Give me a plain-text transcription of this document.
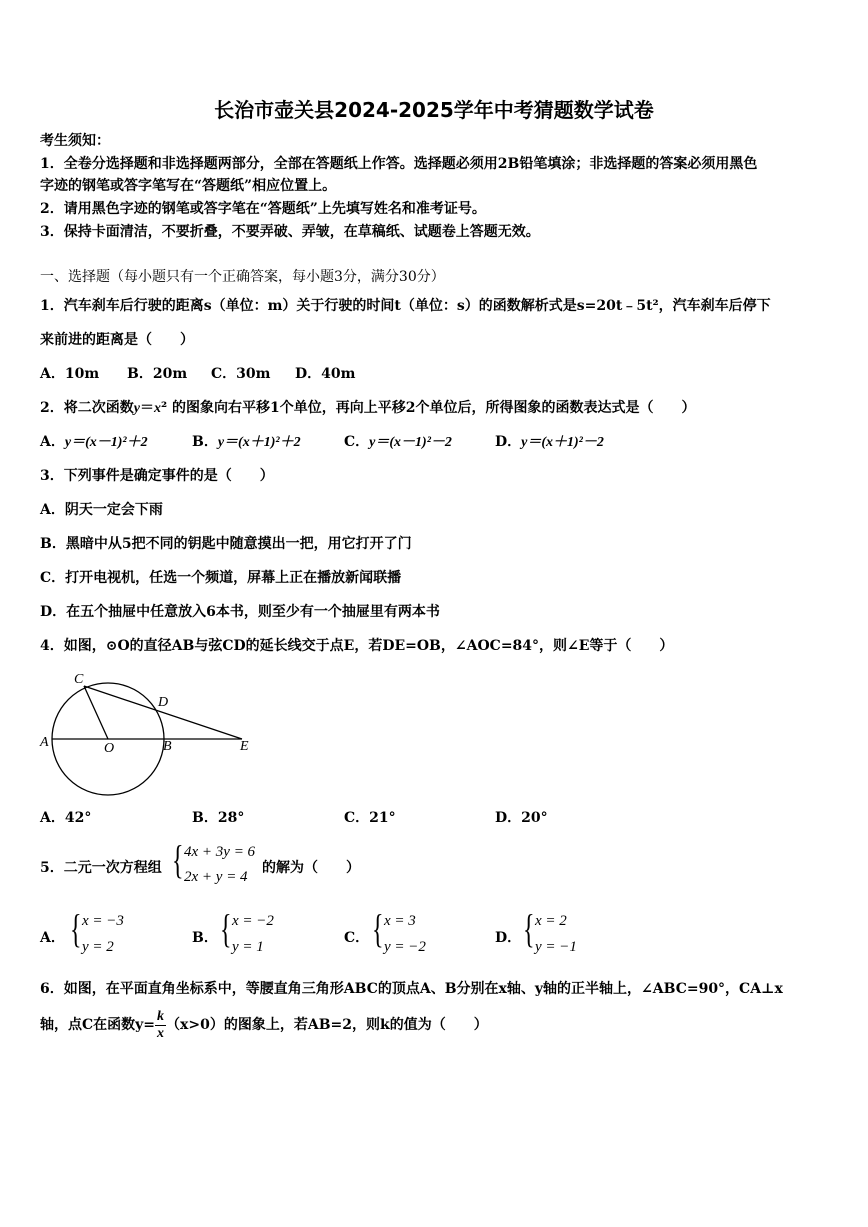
长治市壶关县2024-2025学年中考猜题数学试卷
考生须知：
1．全卷分选择题和非选择题两部分，全部在答题纸上作答。选择题必须用2B铅笔填涂；非选择题的答案必须用黑色
字迹的钢笔或答字笔写在“答题纸”相应位置上。
2．请用黑色字迹的钢笔或答字笔在“答题纸”上先填写姓名和准考证号。
3．保持卡面清洁，不要折叠，不要弄破、弄皱，在草稿纸、试题卷上答题无效。
一、选择题（每小题只有一个正确答案，每小题3分，满分30分）
1．汽车刹车后行驶的距离s（单位：m）关于行驶的时间t（单位：s）的函数解析式是s=20t﹣5t²，汽车刹车后停下
来前进的距离是（　　）
A．10m B．20m C．30m D．40m
2．将二次函数y＝x² 的图象向右平移1个单位，再向上平移2个单位后，所得图象的函数表达式是（　　）
A．y＝(x－1)²＋2	B．y＝(x＋1)²＋2	C．y＝(x－1)²－2	D．y＝(x＋1)²－2
3．下列事件是确定事件的是（　　）
A．阴天一定会下雨
B．黑暗中从5把不同的钥匙中随意摸出一把，用它打开了门
C．打开电视机，任选一个频道，屏幕上正在播放新闻联播
D．在五个抽屉中任意放入6本书，则至少有一个抽屉里有两本书
4．如图，⊙O的直径AB与弦CD的延长线交于点E，若DE=OB，∠AOC=84°，则∠E等于（　　）
A	O	B	E
C
D
A．42°	B．28°	C．21°	D．20°
5．二元一次方程组 { 4x + 3y = 6
2x + y = 4
的解为（　　）
A． { x = −3
y = 2
B． { x = −2
y = 1
C． { x = 3
y = −2
D． { x = 2
y = −1
6．如图，在平面直角坐标系中，等腰直角三角形ABC的顶点A、B分别在x轴、y轴的正半轴上，∠ABC=90°，CA⊥x
轴，点C在函数$y= \frac{k}{x} (x>0)$的图象上，若AB=2，则k的值为（　　）
